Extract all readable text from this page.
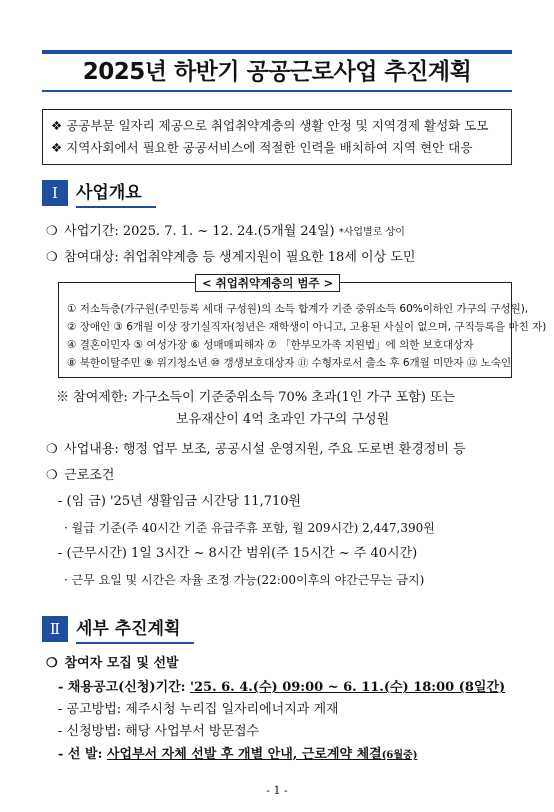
2025년 하반기 공공근로사업 추진계획
❖ 공공부문 일자리 제공으로 취업취약계층의 생활 안정 및 지역경제 활성화 도모
❖ 지역사회에서 필요한 공공서비스에 적절한 인력을 배치하여 지역 현안 대응
Ⅰ	사업개요
❍ 사업기간: 2025. 7. 1. ~ 12. 24.(5개월 24일) *사업별로 상이
❍ 참여대상: 취업취약계층 등 생계지원이 필요한 18세 이상 도민
① 저소득층(가구원(주민등록 세대 구성원)의 소득 합계가 기준 중위소득 60%이하인 가구의 구성원),
② 장애인 ③ 6개월 이상 장기실직자(청년은 재학생이 아니고, 고용된 사실이 없으며, 구직등록을 마친 자)
④ 결혼이민자 ⑤ 여성가장 ⑥ 성매매피해자 ⑦ 「한부모가족 지원법」에 의한 보호대상자
⑧ 북한이탈주민 ⑨ 위기청소년 ⑩ 갱생보호대상자 ⑪ 수형자로서 출소 후 6개월 미만자 ⑫ 노숙인
< 취업취약계층의 범주 >
※ 참여제한: 가구소득이 기준중위소득 70% 초과(1인 가구 포함) 또는
보유재산이 4억 초과인 가구의 구성원
❍ 사업내용: 행정 업무 보조, 공공시설 운영지원, 주요 도로변 환경정비 등
❍ 근로조건
- (임 금) '25년 생활임금 시간당 11,710원
· 월급 기준(주 40시간 기준 유급주휴 포함, 월 209시간) 2,447,390원
- (근무시간) 1일 3시간 ~ 8시간 범위(주 15시간 ~ 주 40시간)
· 근무 요일 및 시간은 자율 조정 가능(22:00이후의 야간근무는 금지)
Ⅱ 세부 추진계획
❍ 참여자 모집 및 선발
- 채용공고(신청)기간: '25. 6. 4.(수) 09:00 ~ 6. 11.(수) 18:00 (8일간)
- 공고방법: 제주시청 누리집 일자리에너지과 게재
- 신청방법: 해당 사업부서 방문접수
- 선 발: 사업부서 자체 선발 후 개별 안내, 근로계약 체결(6월중)
- 1 -
